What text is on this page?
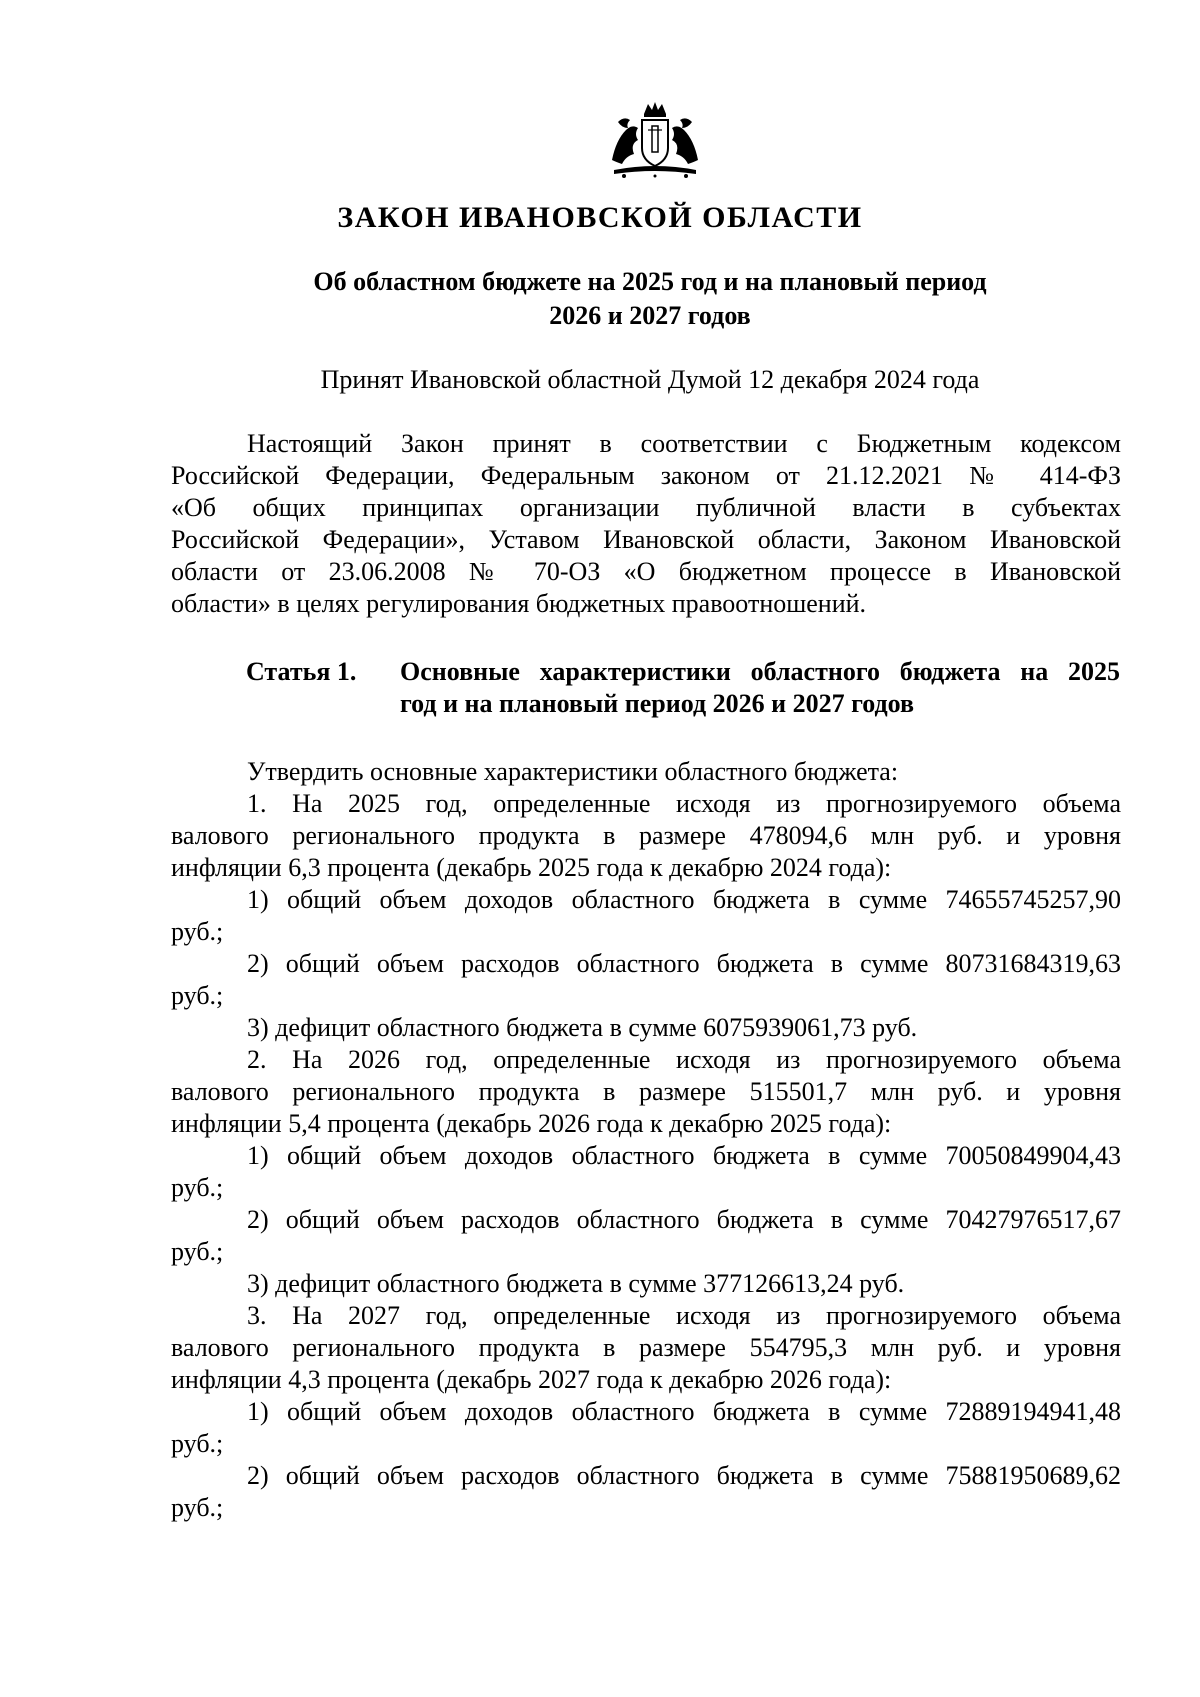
ЗАКОН ИВАНОВСКОЙ ОБЛАСТИ
Об областном бюджете на 2025 год и на плановый период
2026 и 2027 годов
Принят Ивановской областной Думой 12 декабря 2024 года
Настоящий Закон принят в соответствии с Бюджетным кодексом
Российской Федерации, Федеральным законом от 21.12.2021 № 414-ФЗ
«Об общих принципах организации публичной власти в субъектах
Российской Федерации», Уставом Ивановской области, Законом Ивановской
области от 23.06.2008 № 70-ОЗ «О бюджетном процессе в Ивановской
области» в целях регулирования бюджетных правоотношений.
Статья 1. Основные характеристики областного бюджета на 2025
год и на плановый период 2026 и 2027 годов
Утвердить основные характеристики областного бюджета:
1. На 2025 год, определенные исходя из прогнозируемого объема
валового регионального продукта в размере 478094,6 млн руб. и уровня
инфляции 6,3 процента (декабрь 2025 года к декабрю 2024 года):
1) общий объем доходов областного бюджета в сумме 74655745257,90
руб.;
2) общий объем расходов областного бюджета в сумме 80731684319,63
руб.;
3) дефицит областного бюджета в сумме 6075939061,73 руб.
2. На 2026 год, определенные исходя из прогнозируемого объема
валового регионального продукта в размере 515501,7 млн руб. и уровня
инфляции 5,4 процента (декабрь 2026 года к декабрю 2025 года):
1) общий объем доходов областного бюджета в сумме 70050849904,43
руб.;
2) общий объем расходов областного бюджета в сумме 70427976517,67
руб.;
3) дефицит областного бюджета в сумме 377126613,24 руб.
3. На 2027 год, определенные исходя из прогнозируемого объема
валового регионального продукта в размере 554795,3 млн руб. и уровня
инфляции 4,3 процента (декабрь 2027 года к декабрю 2026 года):
1) общий объем доходов областного бюджета в сумме 72889194941,48
руб.;
2) общий объем расходов областного бюджета в сумме 75881950689,62
руб.;
